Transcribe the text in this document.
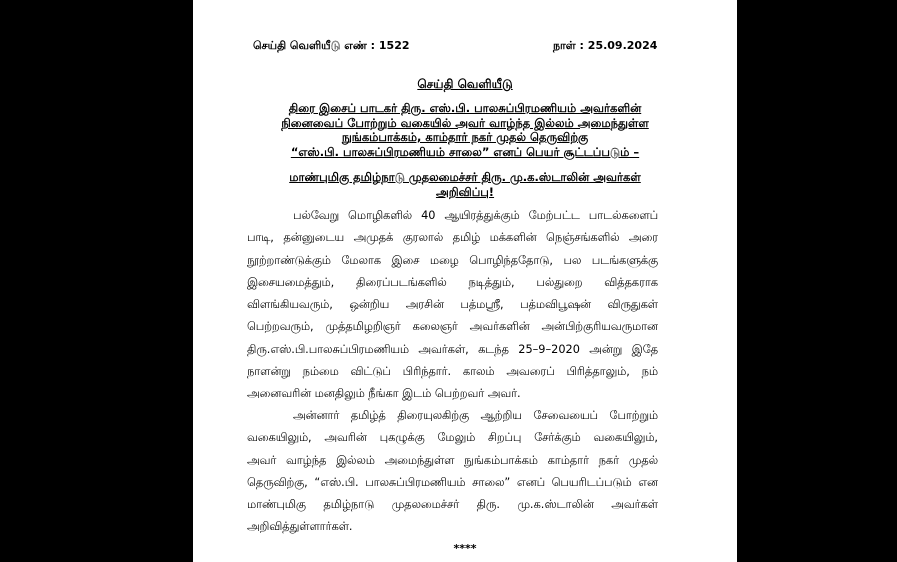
செய்தி வெளியீடு எண் : 1522	நாள் : 25.09.2024
செய்தி வெளியீடு
திரை இசைப் பாடகர் திரு. எஸ்.பி. பாலசுப்பிரமணியம் அவர்களின்
நினைவைப் போற்றும் வகையில் அவர் வாழ்ந்த இல்லம் அமைந்துள்ள
நுங்கம்பாக்கம், காம்தார் நகர் முதல் தெருவிற்கு
“எஸ்.பி. பாலசுப்பிரமணியம் சாலை” எனப் பெயர் சூட்டப்படும் –
மாண்புமிகு தமிழ்நாடு முதலமைச்சர் திரு. மு.க.ஸ்டாலின் அவர்கள்
அறிவிப்பு!
பல்வேறு மொழிகளில் 40 ஆயிரத்துக்கும் மேற்பட்ட பாடல்களைப்
பாடி, தன்னுடைய அமுதக் குரலால் தமிழ் மக்களின் நெஞ்சங்களில் அரை
நூற்றாண்டுக்கும் மேலாக இசை மழை பொழிந்ததோடு, பல படங்களுக்கு
இசையமைத்தும், திரைப்படங்களில் நடித்தும், பல்துறை வித்தகராக
விளங்கியவரும், ஒன்றிய அரசின் பத்மஸ்ரீ, பத்மவிபூஷன் விருதுகள்
பெற்றவரும், முத்தமிழறிஞர் கலைஞர் அவர்களின் அன்பிற்குரியவருமான
திரு.எஸ்.பி.பாலசுப்பிரமணியம் அவர்கள், கடந்த 25–9–2020 அன்று இதே
நாளன்று நம்மை விட்டுப் பிரிந்தார். காலம் அவரைப் பிரித்தாலும், நம்
அனைவரின் மனதிலும் நீங்கா இடம் பெற்றவர் அவர்.
அன்னார் தமிழ்த் திரையுலகிற்கு ஆற்றிய சேவையைப் போற்றும்
வகையிலும், அவரின் புகழுக்கு மேலும் சிறப்பு சேர்க்கும் வகையிலும்,
அவர் வாழ்ந்த இல்லம் அமைந்துள்ள நுங்கம்பாக்கம் காம்தார் நகர் முதல்
தெருவிற்கு, “எஸ்.பி. பாலசுப்பிரமணியம் சாலை” எனப் பெயரிடப்படும் என
மாண்புமிகு தமிழ்நாடு முதலமைச்சர் திரு. மு.க.ஸ்டாலின் அவர்கள்
அறிவித்துள்ளார்கள்.
****
